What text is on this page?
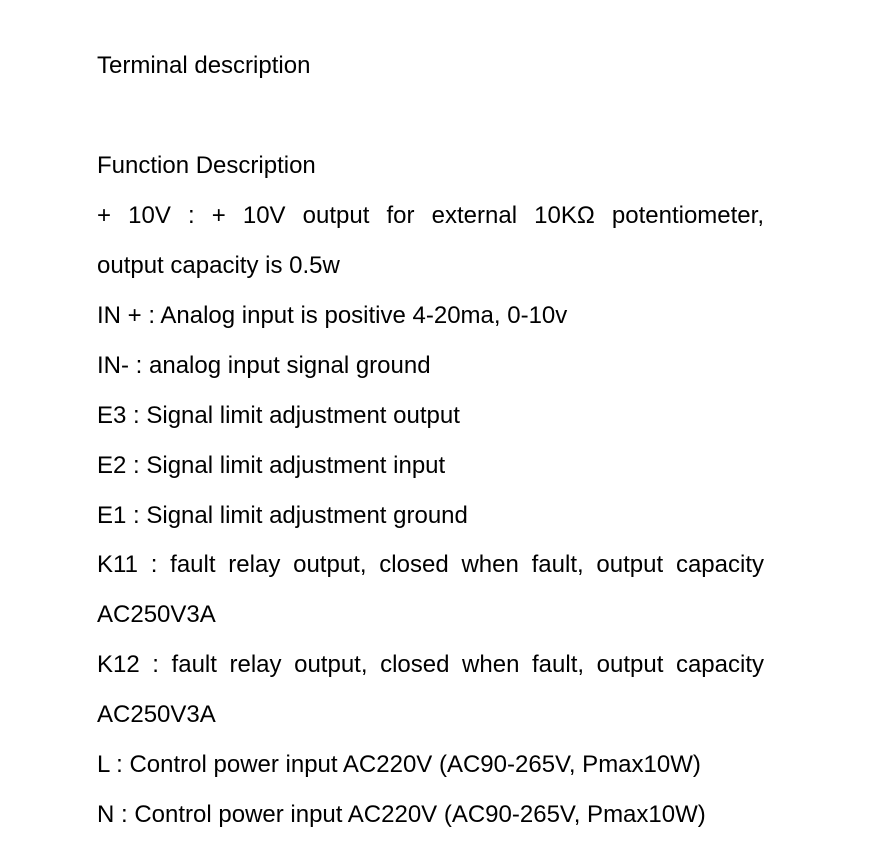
Terminal description
Function Description
+ 10V : + 10V output for external 10KΩ potentiometer,
output capacity is 0.5w
IN + : Analog input is positive 4-20ma, 0-10v
IN- : analog input signal ground
E3 : Signal limit adjustment output
E2 : Signal limit adjustment input
E1 : Signal limit adjustment ground
K11 : fault relay output, closed when fault, output capacity
AC250V3A
K12 : fault relay output, closed when fault, output capacity
AC250V3A
L : Control power input AC220V (AC90-265V, Pmax10W)
N : Control power input AC220V (AC90-265V, Pmax10W)
